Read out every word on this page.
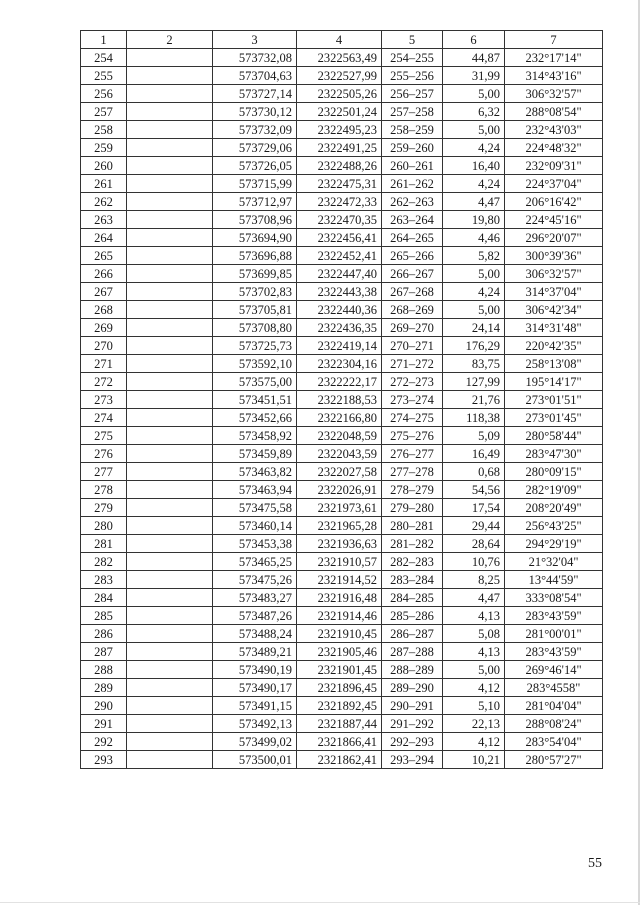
1	2	3	4	5	6	7
254		573732,08	2322563,49	254–255	44,87	232°17'14"
255		573704,63	2322527,99	255–256	31,99	314°43'16"
256		573727,14	2322505,26	256–257	5,00	306°32'57"
257		573730,12	2322501,24	257–258	6,32	288°08'54"
258		573732,09	2322495,23	258–259	5,00	232°43'03"
259		573729,06	2322491,25	259–260	4,24	224°48'32"
260		573726,05	2322488,26	260–261	16,40	232°09'31"
261		573715,99	2322475,31	261–262	4,24	224°37'04"
262		573712,97	2322472,33	262–263	4,47	206°16'42"
263		573708,96	2322470,35	263–264	19,80	224°45'16"
264		573694,90	2322456,41	264–265	4,46	296°20'07"
265		573696,88	2322452,41	265–266	5,82	300°39'36"
266		573699,85	2322447,40	266–267	5,00	306°32'57"
267		573702,83	2322443,38	267–268	4,24	314°37'04"
268		573705,81	2322440,36	268–269	5,00	306°42'34"
269		573708,80	2322436,35	269–270	24,14	314°31'48"
270		573725,73	2322419,14	270–271	176,29	220°42'35"
271		573592,10	2322304,16	271–272	83,75	258°13'08"
272		573575,00	2322222,17	272–273	127,99	195°14'17"
273		573451,51	2322188,53	273–274	21,76	273°01'51"
274		573452,66	2322166,80	274–275	118,38	273°01'45"
275		573458,92	2322048,59	275–276	5,09	280°58'44"
276		573459,89	2322043,59	276–277	16,49	283°47'30"
277		573463,82	2322027,58	277–278	0,68	280°09'15"
278		573463,94	2322026,91	278–279	54,56	282°19'09"
279		573475,58	2321973,61	279–280	17,54	208°20'49"
280		573460,14	2321965,28	280–281	29,44	256°43'25"
281		573453,38	2321936,63	281–282	28,64	294°29'19"
282		573465,25	2321910,57	282–283	10,76	21°32'04"
283		573475,26	2321914,52	283–284	8,25	13°44'59"
284		573483,27	2321916,48	284–285	4,47	333°08'54"
285		573487,26	2321914,46	285–286	4,13	283°43'59"
286		573488,24	2321910,45	286–287	5,08	281°00'01"
287		573489,21	2321905,46	287–288	4,13	283°43'59"
288		573490,19	2321901,45	288–289	5,00	269°46'14"
289		573490,17	2321896,45	289–290	4,12	283°4558"
290		573491,15	2321892,45	290–291	5,10	281°04'04"
291		573492,13	2321887,44	291–292	22,13	288°08'24"
292		573499,02	2321866,41	292–293	4,12	283°54'04"
293		573500,01	2321862,41	293–294	10,21	280°57'27"
55
